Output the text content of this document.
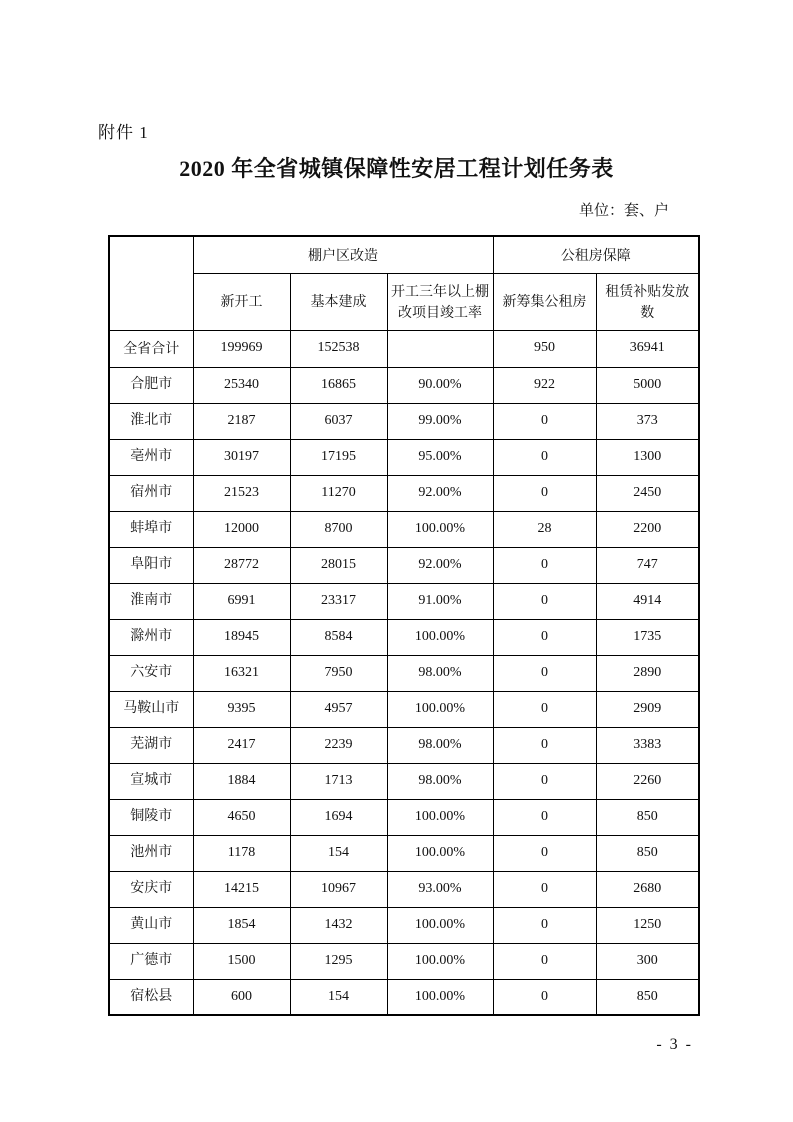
附件 1
2020 年全省城镇保障性安居工程计划任务表
单位：套、户
	棚户区改造			公租房保障	
	新开工	基本建成	开工三年以上棚改项目竣工率	新筹集公租房	租赁补贴发放数
全省合计	199969	152538		950	36941
合肥市	25340	16865	90.00%	922	5000
淮北市	2187	6037	99.00%	0	373
亳州市	30197	17195	95.00%	0	1300
宿州市	21523	11270	92.00%	0	2450
蚌埠市	12000	8700	100.00%	28	2200
阜阳市	28772	28015	92.00%	0	747
淮南市	6991	23317	91.00%	0	4914
滁州市	18945	8584	100.00%	0	1735
六安市	16321	7950	98.00%	0	2890
马鞍山市	9395	4957	100.00%	0	2909
芜湖市	2417	2239	98.00%	0	3383
宣城市	1884	1713	98.00%	0	2260
铜陵市	4650	1694	100.00%	0	850
池州市	1178	154	100.00%	0	850
安庆市	14215	10967	93.00%	0	2680
黄山市	1854	1432	100.00%	0	1250
广德市	1500	1295	100.00%	0	300
宿松县	600	154	100.00%	0	850
- 3 -
